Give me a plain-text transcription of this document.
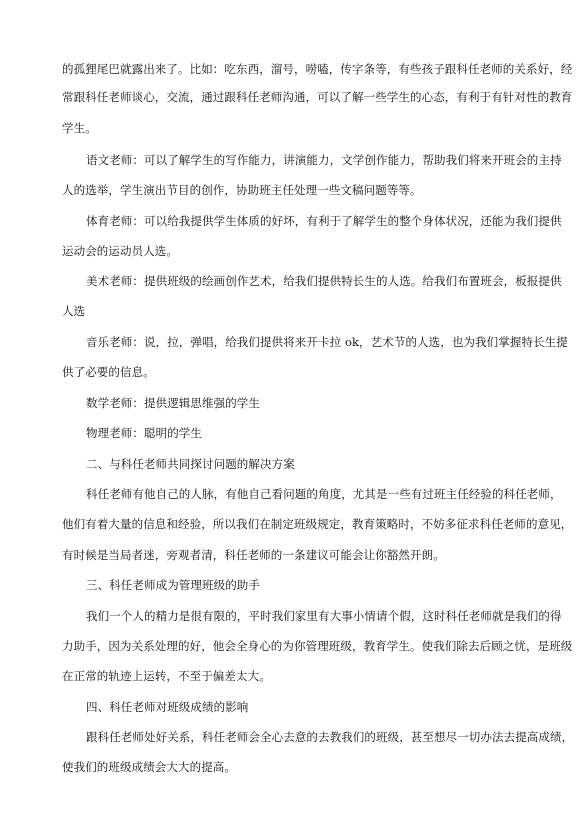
的孤狸尾巴就露出来了。比如：吃东西，溜号，唠嗑，传字条等，有些孩子跟科任老师的关系好，经
常跟科任老师谈心，交流，通过跟科任老师沟通，可以了解一些学生的心态，有利于有针对性的教育
学生。
语文老师：可以了解学生的写作能力，讲演能力，文学创作能力，帮助我们将来开班会的主持
人的选举，学生演出节目的创作，协助班主任处理一些文稿问题等等。
体育老师：可以给我提供学生体质的好坏，有利于了解学生的整个身体状况，还能为我们提供
运动会的运动员人选。
美术老师：提供班级的绘画创作艺术，给我们提供特长生的人选。给我们布置班会，板报提供
人选
音乐老师：说，拉，弹唱，给我们提供将来开卡拉 ok，艺术节的人选，也为我们掌握特长生提
供了必要的信息。
数学老师：提供逻辑思维强的学生
物理老师：聪明的学生
二、与科任老师共同探讨问题的解决方案
科任老师有他自己的人脉，有他自己看问题的角度，尤其是一些有过班主任经验的科任老师，
他们有着大量的信息和经验，所以我们在制定班级规定，教育策略时，不妨多征求科任老师的意见，
有时候是当局者迷，旁观者清，科任老师的一条建议可能会让你豁然开朗。
三、科任老师成为管理班级的助手
我们一个人的精力是很有限的，平时我们家里有大事小情请个假，这时科任老师就是我们的得
力助手，因为关系处理的好，他会全身心的为你管理班级，教育学生。使我们除去后顾之忧，是班级
在正常的轨迹上运转，不至于偏差太大。
四、科任老师对班级成绩的影响
跟科任老师处好关系，科任老师会全心去意的去教我们的班级，甚至想尽一切办法去提高成绩，
使我们的班级成绩会大大的提高。
